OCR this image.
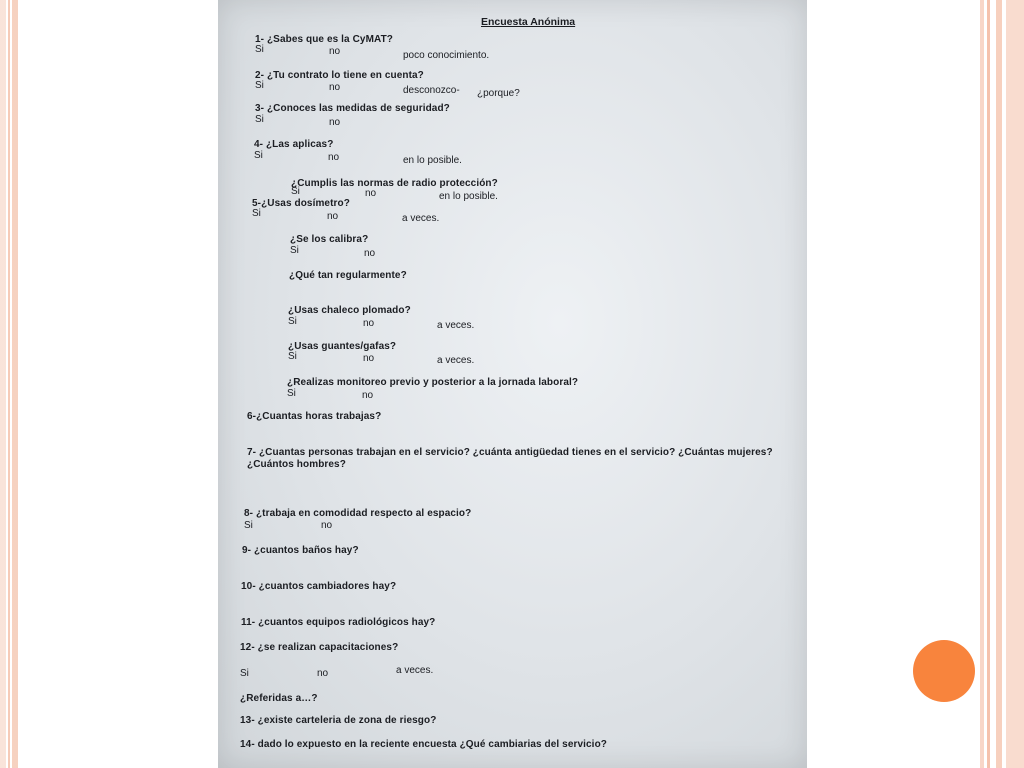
Encuesta Anónima
1- ¿Sabes que es la CyMAT?
Si	no	poco conocimiento.
2- ¿Tu contrato lo tiene en cuenta?
Si	no	desconozco- ¿porque?
3- ¿Conoces las medidas de seguridad?
Si	no
4- ¿Las aplicas?
Si	no	en lo posible.
¿Cumplis las normas de radio protección?
Si	no	en lo posible.
5-¿Usas dosímetro?
Si	no	a veces.
¿Se los calibra?
Si	no
¿Qué tan regularmente?
¿Usas chaleco plomado?
Si	no	a veces.
¿Usas guantes/gafas?
Si	no	a veces.
¿Realizas monitoreo previo y posterior a la jornada laboral?
Si	no
6-¿Cuantas horas trabajas?
7- ¿Cuantas personas trabajan en el servicio? ¿cuánta antigüedad tienes en el servicio? ¿Cuántas mujeres?
¿Cuántos hombres?
8- ¿trabaja en comodidad respecto al espacio?
Si	no
9- ¿cuantos baños hay?
10- ¿cuantos cambiadores hay?
11- ¿cuantos equipos radiológicos hay?
12- ¿se realizan capacitaciones?
Si	no	a veces.
¿Referidas a…?
13- ¿existe carteleria de zona de riesgo?
14- dado lo expuesto en la reciente encuesta ¿Qué cambiarias del servicio?
